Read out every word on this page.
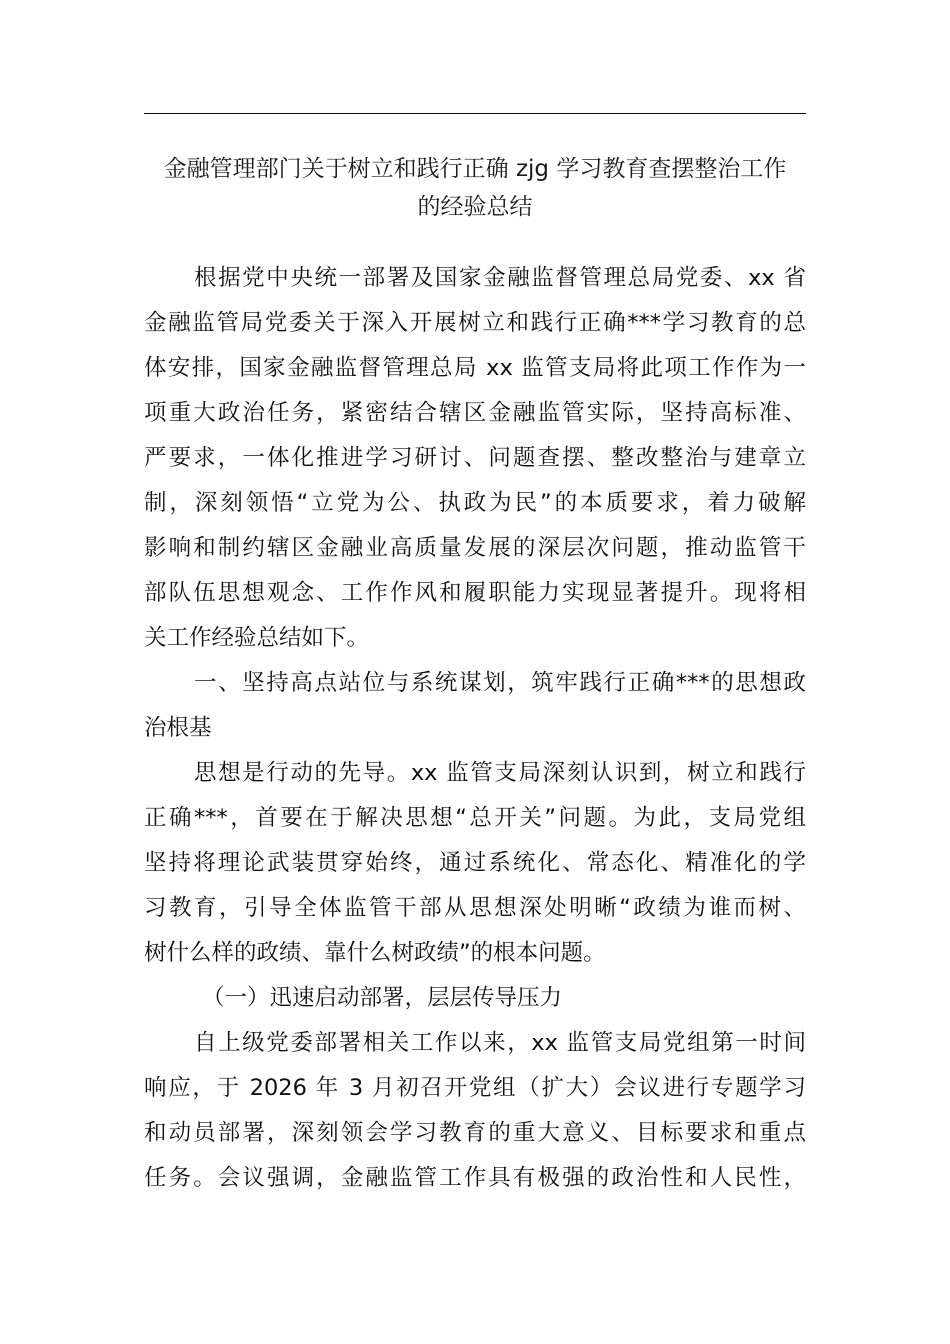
金融管理部门关于树立和践行正确 zjg 学习教育查摆整治工作
的经验总结
根据党中央统一部署及国家金融监督管理总局党委、xx 省
金融监管局党委关于深入开展树立和践行正确***学习教育的总
体安排，国家金融监督管理总局 xx 监管支局将此项工作作为一
项重大政治任务，紧密结合辖区金融监管实际，坚持高标准、
严要求，一体化推进学习研讨、问题查摆、整改整治与建章立
制，深刻领悟“立党为公、执政为民”的本质要求，着力破解
影响和制约辖区金融业高质量发展的深层次问题，推动监管干
部队伍思想观念、工作作风和履职能力实现显著提升。现将相
关工作经验总结如下。
一、坚持高点站位与系统谋划，筑牢践行正确***的思想政
治根基
思想是行动的先导。xx 监管支局深刻认识到，树立和践行
正确***，首要在于解决思想“总开关”问题。为此，支局党组
坚持将理论武装贯穿始终，通过系统化、常态化、精准化的学
习教育，引导全体监管干部从思想深处明晰“政绩为谁而树、
树什么样的政绩、靠什么树政绩”的根本问题。
（一）迅速启动部署，层层传导压力
自上级党委部署相关工作以来，xx 监管支局党组第一时间
响应，于 2026 年 3 月初召开党组（扩大）会议进行专题学习
和动员部署，深刻领会学习教育的重大意义、目标要求和重点
任务。会议强调，金融监管工作具有极强的政治性和人民性，
